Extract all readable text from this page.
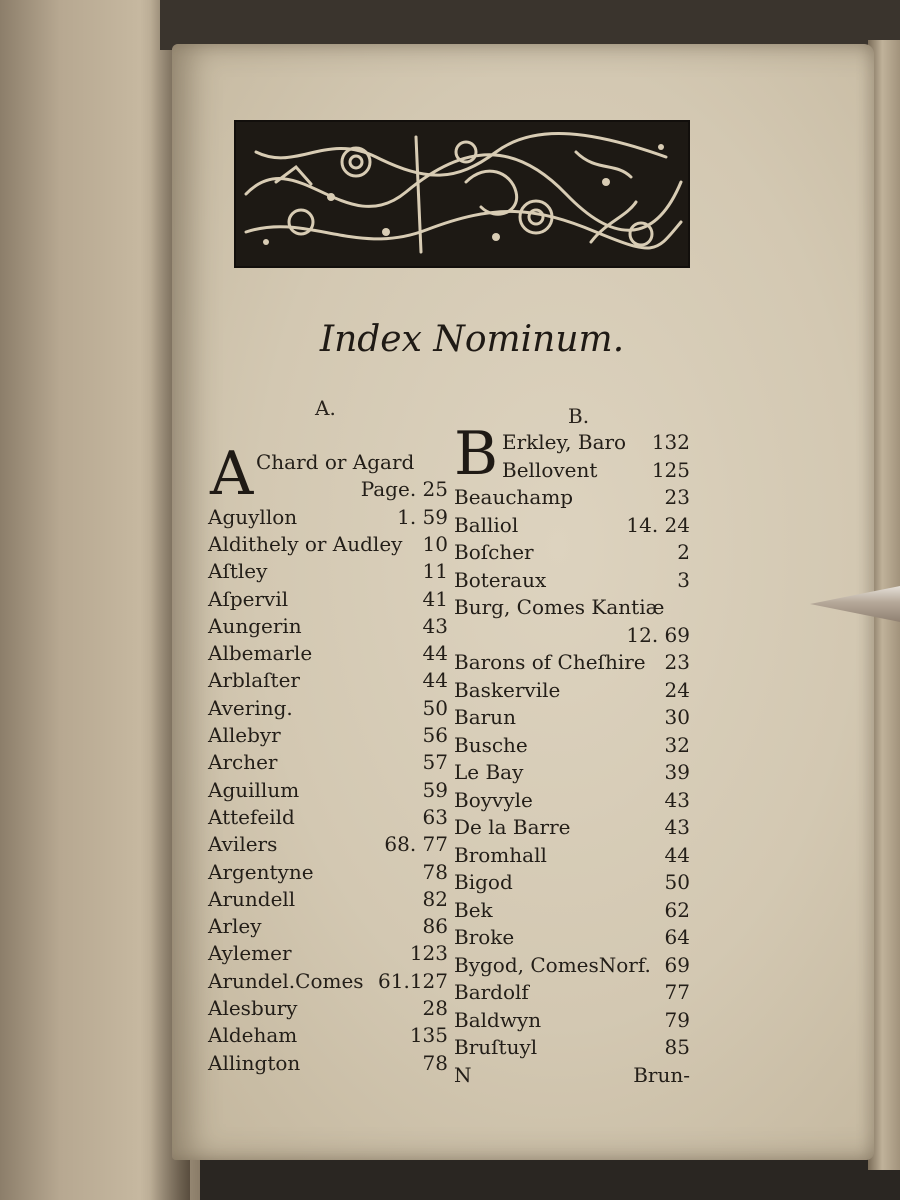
Index Nominum.
A.	B.
A	B
Chard or Agard
Page. 25
Aguyllon	1. 59
Aldithely or Audley 10
Aſtley	11
Aſpervil	41
Aungerin	43
Albemarle	44
Arblaſter	44
Avering.	50
Allebyr	56
Archer	57
Aguillum	59
Attefeild	63
Avilers	68. 77
Argentyne	78
Arundell	82
Arley	86
Aylemer	123
Arundel.Comes 61.127
Alesbury	28
Aldeham	135
Allington	78
Erkley, Baro 132
Bellovent	125
Beauchamp	23
Balliol	14. 24
Boſcher	2
Boteraux	3
Burg, Comes Kantiæ
12. 69
Barons of Cheſhire 23
Baskervile	24
Barun	30
Busche	32
Le Bay	39
Boyvyle	43
De la Barre	43
Bromhall	44
Bigod	50
Bek	62
Broke	64
Bygod, ComesNorf. 69
Bardolf	77
Baldwyn	79
Bruſtuyl	85
N	Brun-
